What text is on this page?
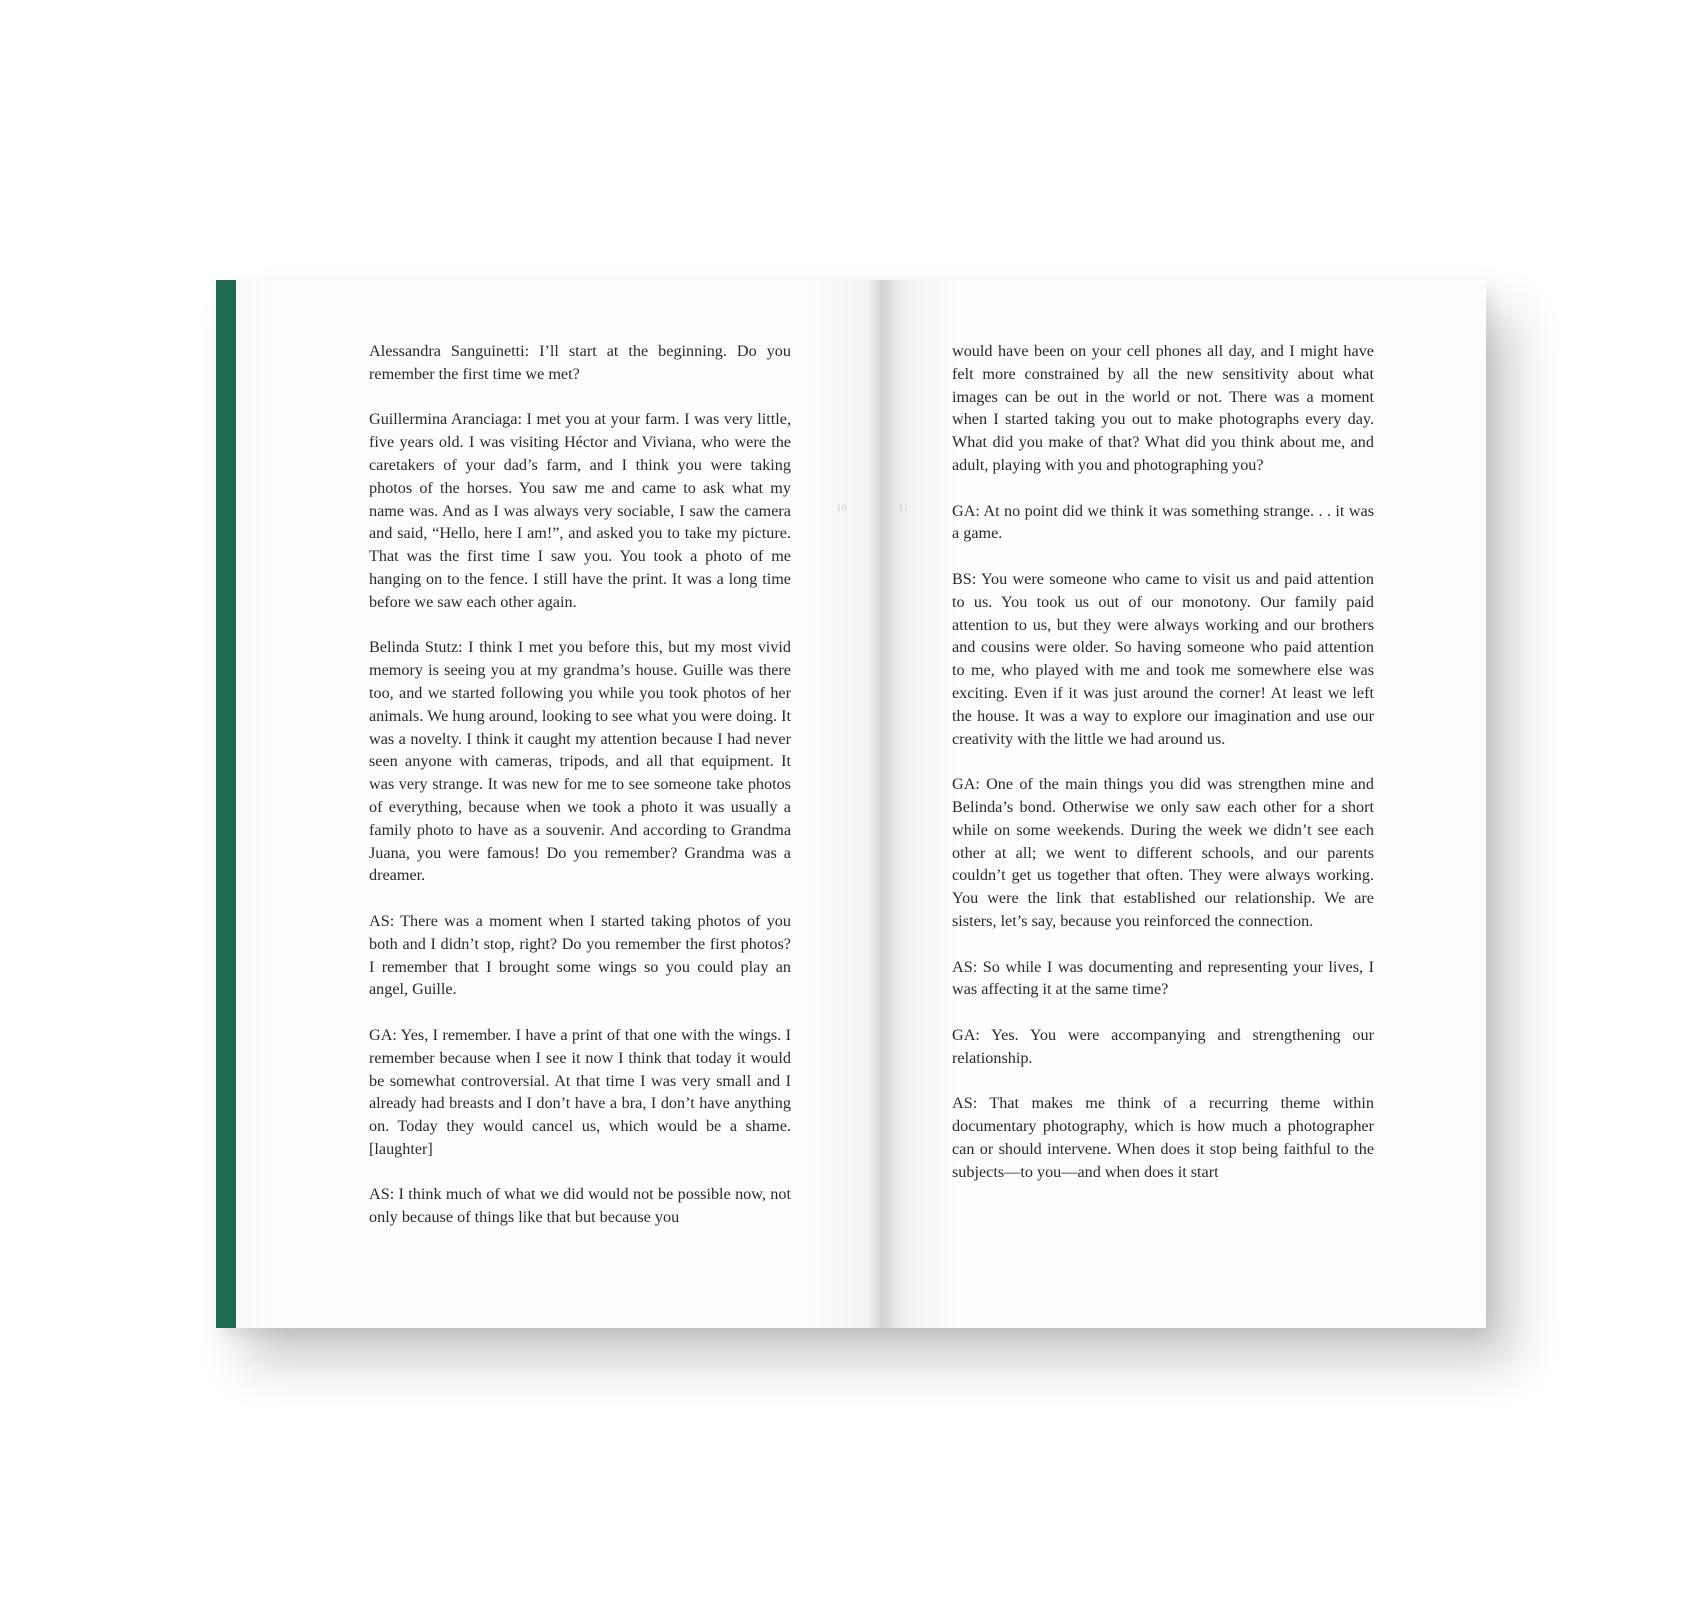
10	11

Alessandra Sanguinetti: I’ll start at the beginning. Do you remember the first time we met?

Guillermina Aranciaga: I met you at your farm. I was very little, five years old. I was visiting Héctor and Viviana, who were the caretakers of your dad’s farm, and I think you were taking photos of the horses. You saw me and came to ask what my name was. And as I was always very sociable, I saw the camera and said, “Hello, here I am!”, and asked you to take my picture. That was the first time I saw you. You took a photo of me hanging on to the fence. I still have the print. It was a long time before we saw each other again.

Belinda Stutz: I think I met you before this, but my most vivid memory is seeing you at my grandma’s house. Guille was there too, and we started following you while you took photos of her animals. We hung around, looking to see what you were doing. It was a novelty. I think it caught my attention because I had never seen anyone with cameras, tripods, and all that equipment. It was very strange. It was new for me to see someone take photos of everything, because when we took a photo it was usually a family photo to have as a souvenir. And according to Grandma Juana, you were famous! Do you remember? Grandma was a dreamer.

AS: There was a moment when I started taking photos of you both and I didn’t stop, right? Do you remember the first photos? I remember that I brought some wings so you could play an angel, Guille.

GA: Yes, I remember. I have a print of that one with the wings. I remember because when I see it now I think that today it would be somewhat controversial. At that time I was very small and I already had breasts and I don’t have a bra, I don’t have anything on. Today they would cancel us, which would be a shame. [laughter]

AS: I think much of what we did would not be possible now, not only because of things like that but because you

would have been on your cell phones all day, and I might have felt more constrained by all the new sensitivity about what images can be out in the world or not. There was a moment when I started taking you out to make photographs every day. What did you make of that? What did you think about me, and adult, playing with you and photographing you?

GA: At no point did we think it was something strange. . . it was a game.

BS: You were someone who came to visit us and paid attention to us. You took us out of our monotony. Our family paid attention to us, but they were always working and our brothers and cousins were older. So having someone who paid attention to me, who played with me and took me somewhere else was exciting. Even if it was just around the corner! At least we left the house. It was a way to explore our imagination and use our creativity with the little we had around us.

GA: One of the main things you did was strengthen mine and Belinda’s bond. Otherwise we only saw each other for a short while on some weekends. During the week we didn’t see each other at all; we went to different schools, and our parents couldn’t get us together that often. They were always working. You were the link that established our relationship. We are sisters, let’s say, because you reinforced the connection.

AS: So while I was documenting and representing your lives, I was affecting it at the same time?

GA: Yes. You were accompanying and strengthening our relationship.

AS: That makes me think of a recurring theme within documentary photography, which is how much a photographer can or should intervene. When does it stop being faithful to the subjects—to you—and when does it start
